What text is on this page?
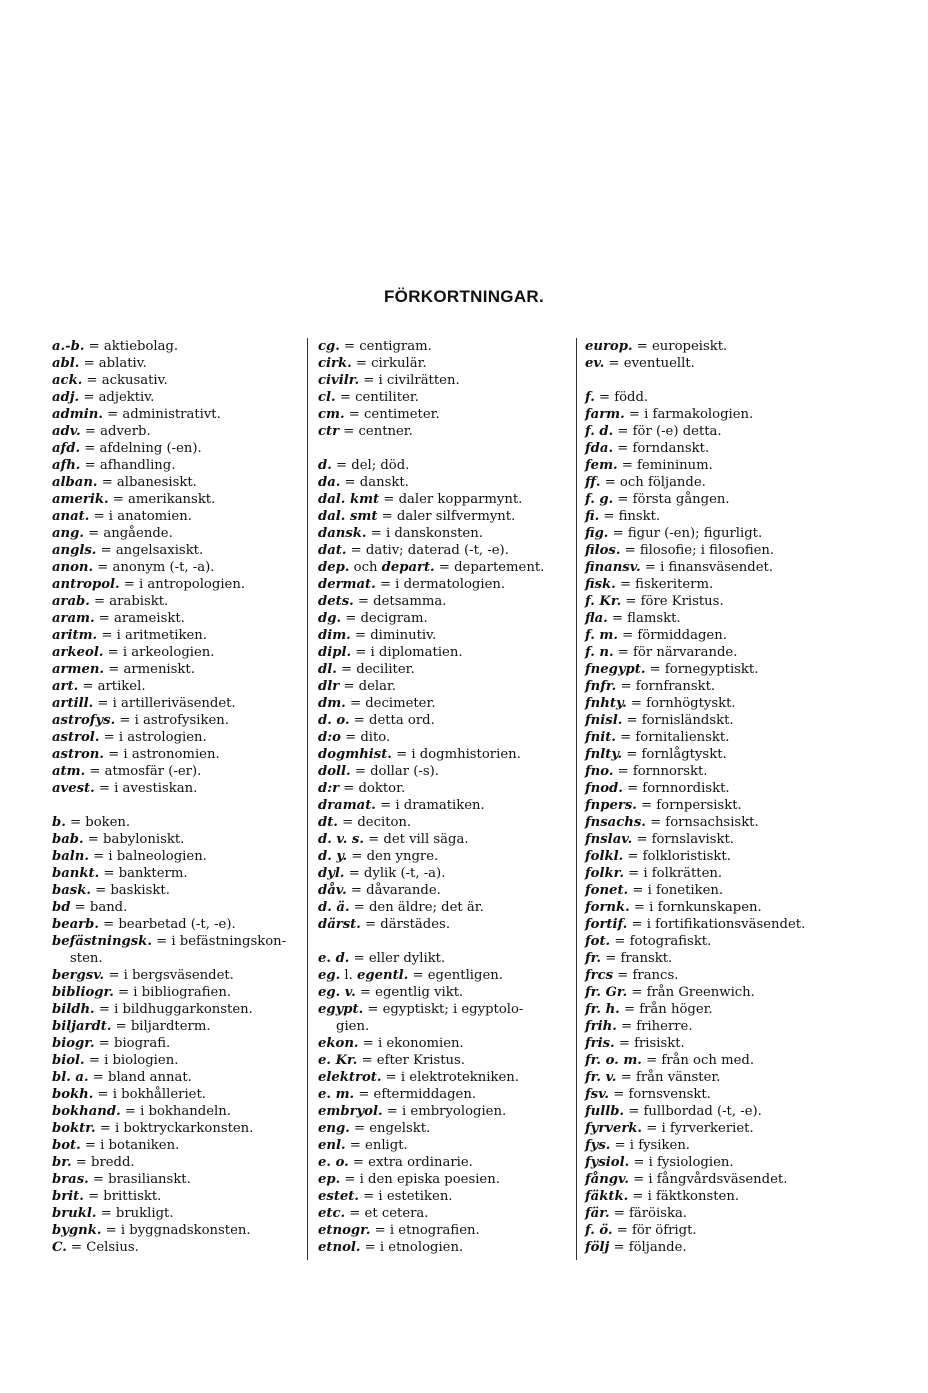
FÖRKORTNINGAR.
a.-b. = aktiebolag.
abl. = ablativ.
ack. = ackusativ.
adj. = adjektiv.
admin. = administrativt.
adv. = adverb.
afd. = afdelning (-en).
afh. = afhandling.
alban. = albanesiskt.
amerik. = amerikanskt.
anat. = i anatomien.
ang. = angående.
angls. = angelsaxiskt.
anon. = anonym (-t, -a).
antropol. = i antropologien.
arab. = arabiskt.
aram. = arameiskt.
aritm. = i aritmetiken.
arkeol. = i arkeologien.
armen. = armeniskt.
art. = artikel.
artill. = i artilleriväsendet.
astrofys. = i astrofysiken.
astrol. = i astrologien.
astron. = i astronomien.
atm. = atmosfär (-er).
avest. = i avestiskan.
b. = boken.
bab. = babyloniskt.
baln. = i balneologien.
bankt. = bankterm.
bask. = baskiskt.
bd = band.
bearb. = bearbetad (-t, -e).
befästningsk. = i befästningskon-
sten.
bergsv. = i bergsväsendet.
bibliogr. = i bibliografien.
bildh. = i bildhuggarkonsten.
biljardt. = biljardterm.
biogr. = biografi.
biol. = i biologien.
bl. a. = bland annat.
bokh. = i bokhålleriet.
bokhand. = i bokhandeln.
boktr. = i boktryckarkonsten.
bot. = i botaniken.
br. = bredd.
bras. = brasilianskt.
brit. = brittiskt.
brukl. = brukligt.
bygnk. = i byggnadskonsten.
C. = Celsius.
cg. = centigram.
cirk. = cirkulär.
civilr. = i civilrätten.
cl. = centiliter.
cm. = centimeter.
ctr = centner.
d. = del; död.
da. = danskt.
dal. kmt = daler kopparmynt.
dal. smt = daler silfvermynt.
dansk. = i danskonsten.
dat. = dativ; daterad (-t, -e).
dep. och depart. = departement.
dermat. = i dermatologien.
dets. = detsamma.
dg. = decigram.
dim. = diminutiv.
dipl. = i diplomatien.
dl. = deciliter.
dlr = delar.
dm. = decimeter.
d. o. = detta ord.
d:o = dito.
dogmhist. = i dogmhistorien.
doll. = dollar (-s).
d:r = doktor.
dramat. = i dramatiken.
dt. = deciton.
d. v. s. = det vill säga.
d. y. = den yngre.
dyl. = dylik (-t, -a).
dåv. = dåvarande.
d. ä. = den äldre; det är.
därst. = därstädes.
e. d. = eller dylikt.
eg. l. egentl. = egentligen.
eg. v. = egentlig vikt.
egypt. = egyptiskt; i egyptolo-
gien.
ekon. = i ekonomien.
e. Kr. = efter Kristus.
elektrot. = i elektrotekniken.
e. m. = eftermiddagen.
embryol. = i embryologien.
eng. = engelskt.
enl. = enligt.
e. o. = extra ordinarie.
ep. = i den episka poesien.
estet. = i estetiken.
etc. = et cetera.
etnogr. = i etnografien.
etnol. = i etnologien.
europ. = europeiskt.
ev. = eventuellt.
f. = född.
farm. = i farmakologien.
f. d. = för (-e) detta.
fda. = forndanskt.
fem. = femininum.
ff. = och följande.
f. g. = första gången.
fi. = finskt.
fig. = figur (-en); figurligt.
filos. = filosofie; i filosofien.
finansv. = i finansväsendet.
fisk. = fiskeriterm.
f. Kr. = före Kristus.
fla. = flamskt.
f. m. = förmiddagen.
f. n. = för närvarande.
fnegypt. = fornegyptiskt.
fnfr. = fornfranskt.
fnhty. = fornhögtyskt.
fnisl. = fornisländskt.
fnit. = fornitalienskt.
fnlty. = fornlågtyskt.
fno. = fornnorskt.
fnod. = fornnordiskt.
fnpers. = fornpersiskt.
fnsachs. = fornsachsiskt.
fnslav. = fornslaviskt.
folkl. = folkloristiskt.
folkr. = i folkrätten.
fonet. = i fonetiken.
fornk. = i fornkunskapen.
fortif. = i fortifikationsväsendet.
fot. = fotografiskt.
fr. = franskt.
frcs = francs.
fr. Gr. = från Greenwich.
fr. h. = från höger.
frih. = friherre.
fris. = frisiskt.
fr. o. m. = från och med.
fr. v. = från vänster.
fsv. = fornsvenskt.
fullb. = fullbordad (-t, -e).
fyrverk. = i fyrverkeriet.
fys. = i fysiken.
fysiol. = i fysiologien.
fångv. = i fångvårdsväsendet.
fäktk. = i fäktkonsten.
fär. = färöiska.
f. ö. = för öfrigt.
följ = följande.
